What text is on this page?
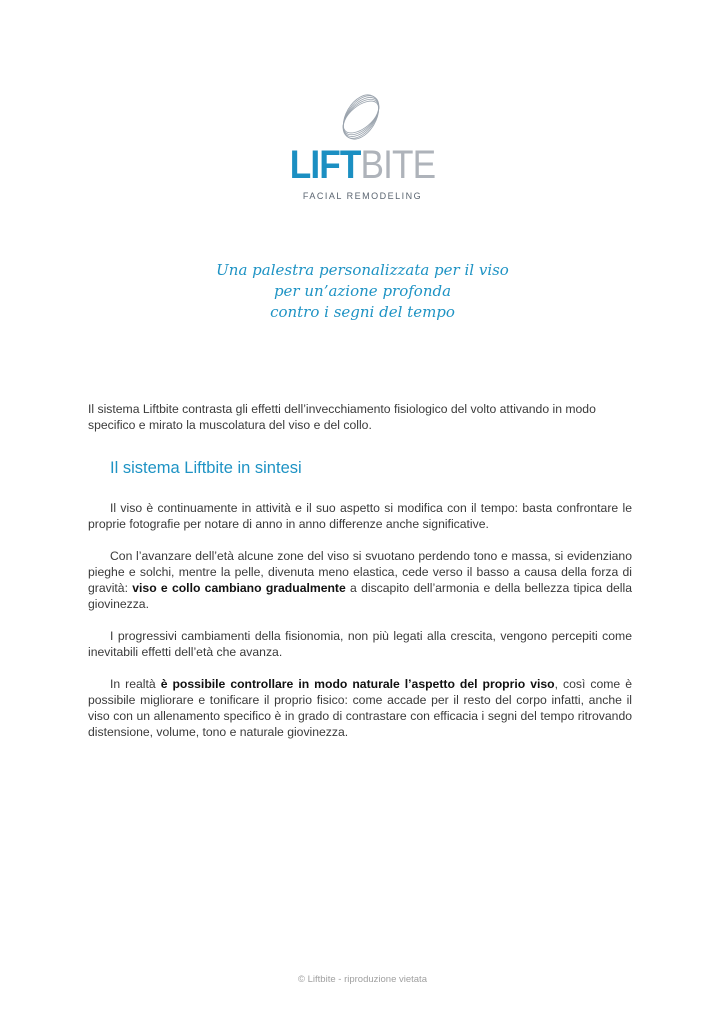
LIFTBITE
FACIAL REMODELING
Una palestra personalizzata per il viso
per un’azione profonda
contro i segni del tempo
Il sistema Liftbite contrasta gli effetti dell’invecchiamento fisiologico del volto attivando in modo specifico e mirato la muscolatura del viso e del collo.
Il sistema Liftbite in sintesi

Il viso è continuamente in attività e il suo aspetto si modifica con il tempo: basta confrontare le proprie fotografie per notare di anno in anno differenze anche significative.

Con l’avanzare dell’età alcune zone del viso si svuotano perdendo tono e massa, si evidenziano pieghe e solchi, mentre la pelle, divenuta meno elastica, cede verso il basso a causa della forza di gravità: viso e collo cambiano gradualmente a discapito dell’armonia e della bellezza tipica della giovinezza.

I progressivi cambiamenti della fisionomia, non più legati alla crescita, vengono percepiti come inevitabili effetti dell’età che avanza.

In realtà è possibile controllare in modo naturale l’aspetto del proprio viso, così come è possibile migliorare e tonificare il proprio fisico: come accade per il resto del corpo infatti, anche il viso con un allenamento specifico è in grado di contrastare con efficacia i segni del tempo ritrovando distensione, volume, tono e naturale giovinezza.

© Liftbite - riproduzione vietata
